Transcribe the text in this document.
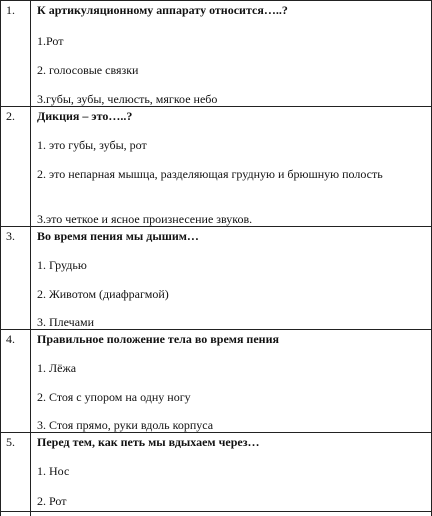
1. К артикуляционному аппарату относится…..?
1.Рот
2. голосовые связки
3.губы, зубы, челюсть, мягкое небо
2. Дикция – это…..?
1. это губы, зубы, рот
2. это непарная мышца, разделяющая грудную и брюшную полость
3.это четкое и ясное произнесение звуков.
3. Во время пения мы дышим…
1. Грудью
2. Животом (диафрагмой)
3. Плечами
4. Правильное положение тела во время пения
1. Лёжа
2. Стоя с упором на одну ногу
3. Стоя прямо, руки вдоль корпуса
5. Перед тем, как петь мы вдыхаем через…
1. Нос
2. Рот
